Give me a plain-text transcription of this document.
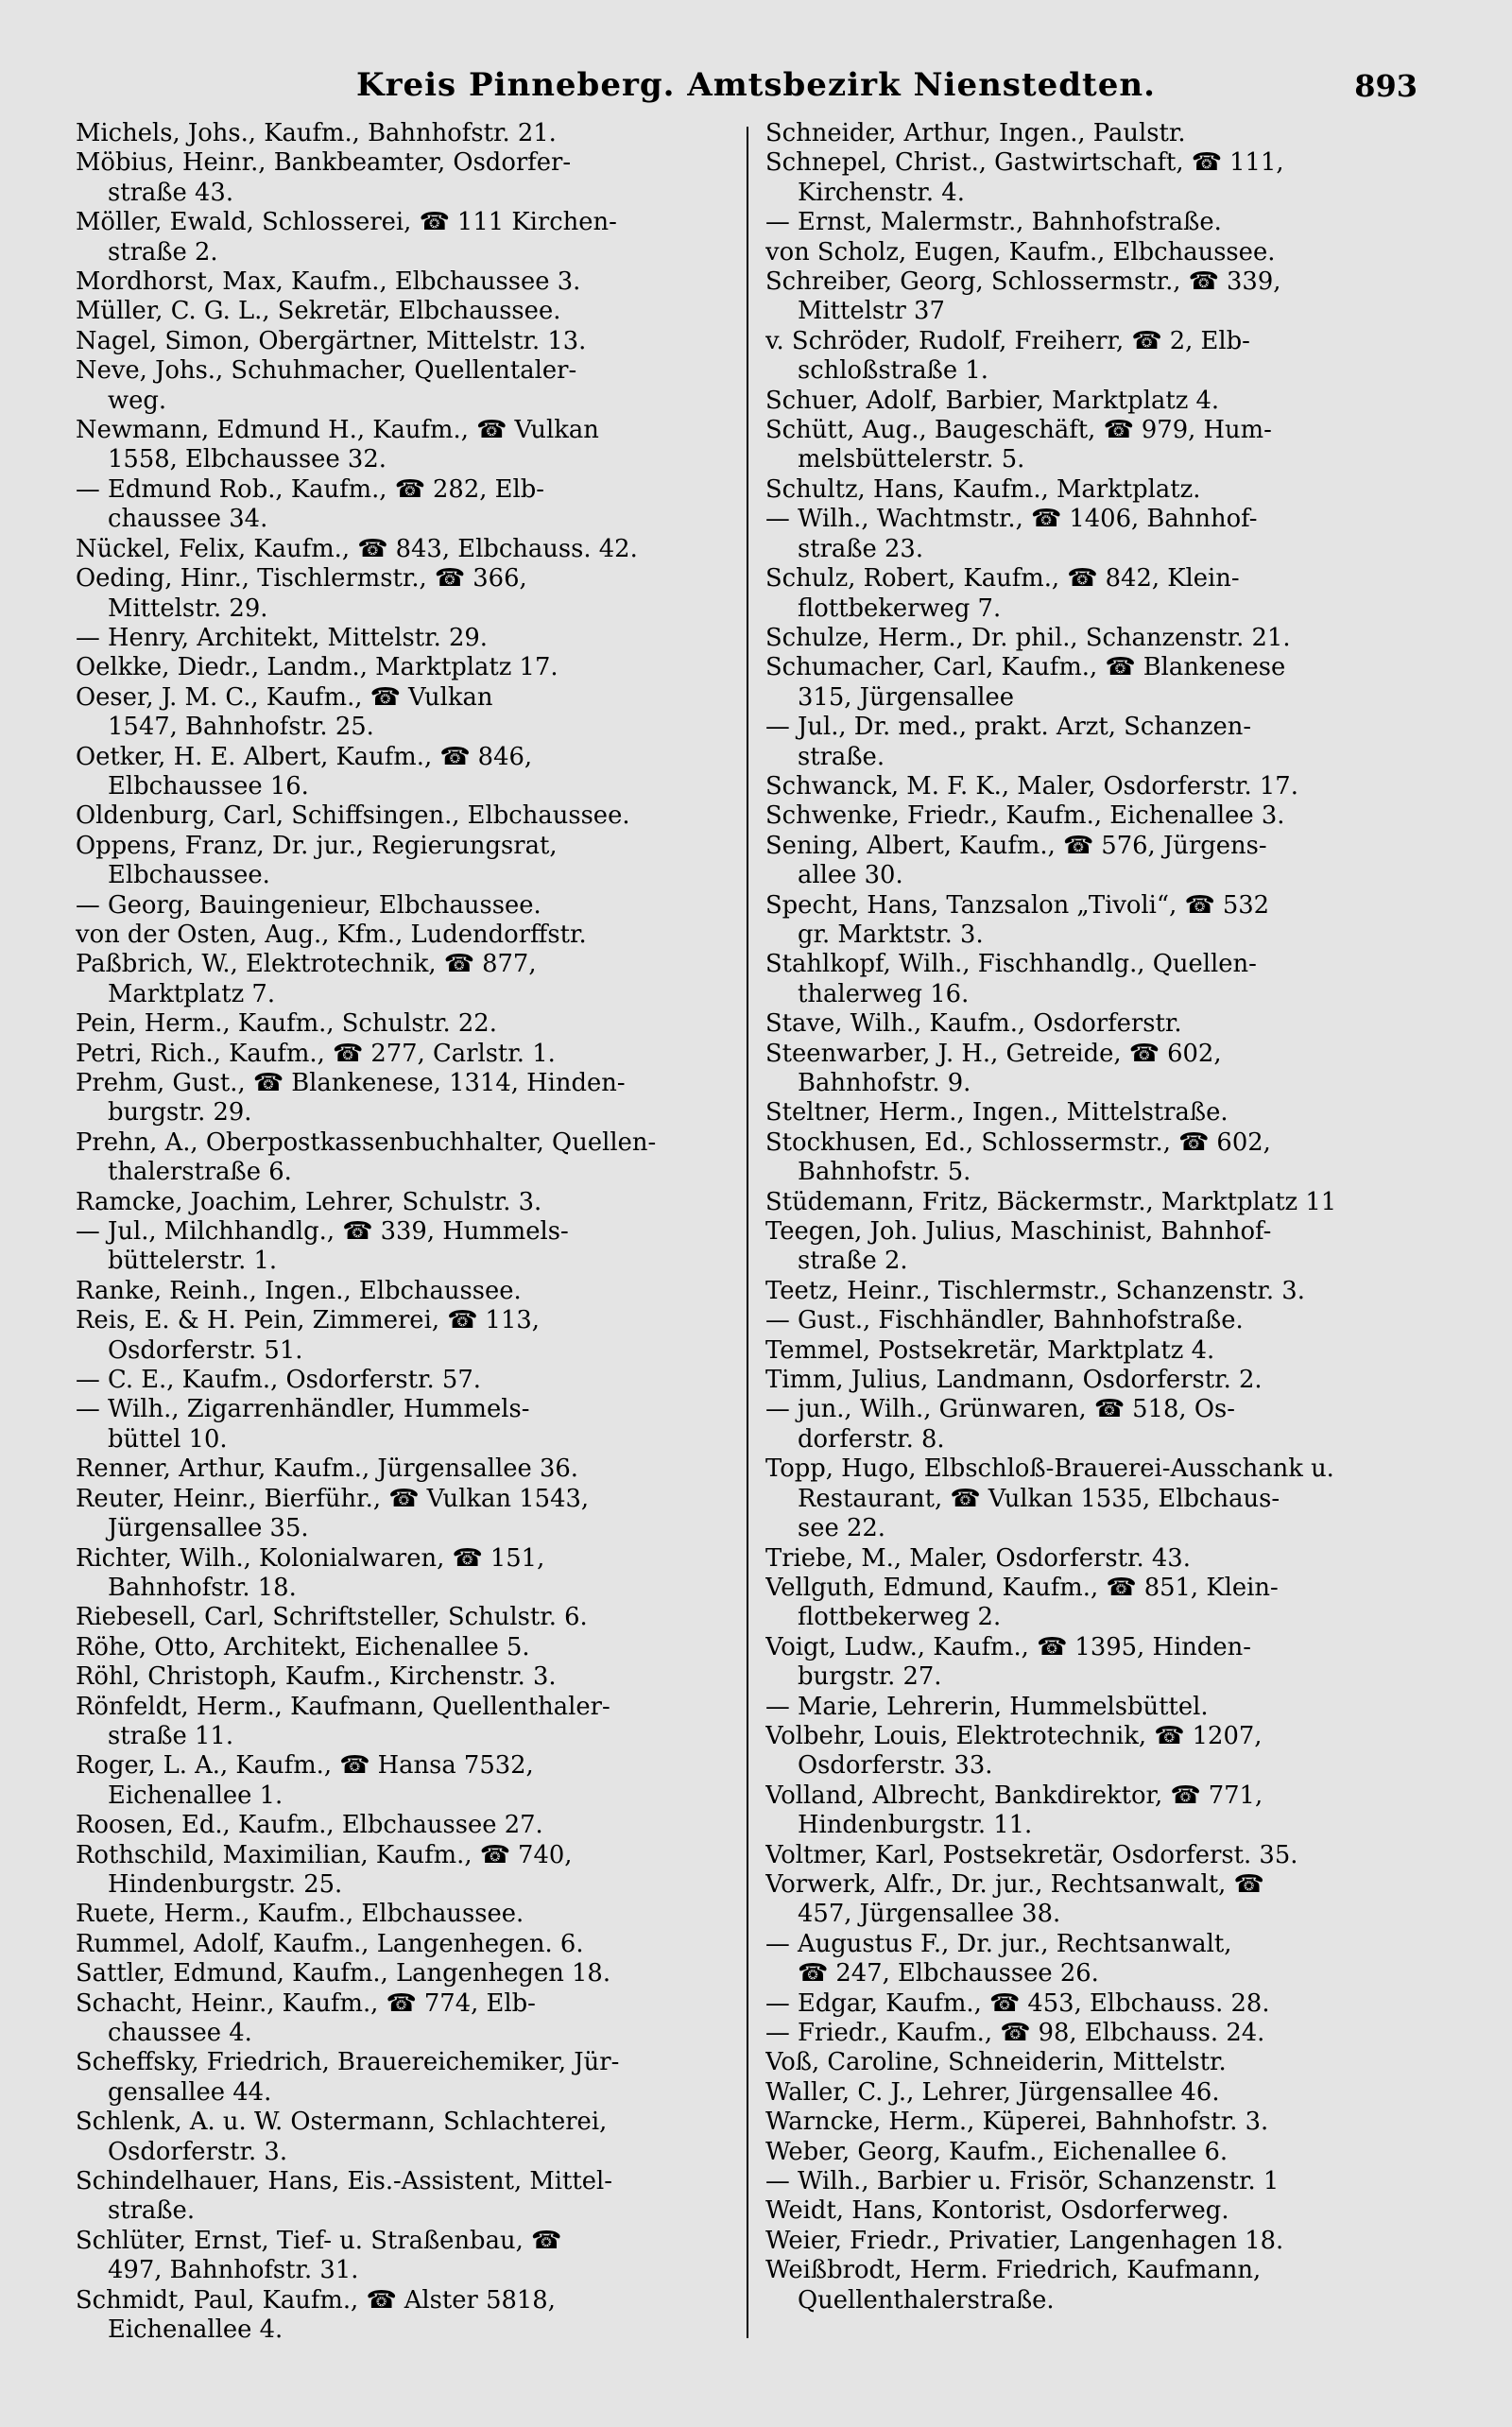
Kreis Pinneberg. Amtsbezirk Nienstedten.	893
Michels, Johs., Kaufm., Bahnhofstr. 21.
Möbius, Heinr., Bankbeamter, Osdorfer-
straße 43.
Möller, Ewald, Schlosserei, ☎ 111 Kirchen-
straße 2.
Mordhorst, Max, Kaufm., Elbchaussee 3.
Müller, C. G. L., Sekretär, Elbchaussee.
Nagel, Simon, Obergärtner, Mittelstr. 13.
Neve, Johs., Schuhmacher, Quellentaler-
weg.
Newmann, Edmund H., Kaufm., ☎ Vulkan
1558, Elbchaussee 32.
— Edmund Rob., Kaufm., ☎ 282, Elb-
chaussee 34.
Nückel, Felix, Kaufm., ☎ 843, Elbchauss. 42.
Oeding, Hinr., Tischlermstr., ☎ 366,
Mittelstr. 29.
— Henry, Architekt, Mittelstr. 29.
Oelkke, Diedr., Landm., Marktplatz 17.
Oeser, J. M. C., Kaufm., ☎ Vulkan
1547, Bahnhofstr. 25.
Oetker, H. E. Albert, Kaufm., ☎ 846,
Elbchaussee 16.
Oldenburg, Carl, Schiffsingen., Elbchaussee.
Oppens, Franz, Dr. jur., Regierungsrat,
Elbchaussee.
— Georg, Bauingenieur, Elbchaussee.
von der Osten, Aug., Kfm., Ludendorffstr.
Paßbrich, W., Elektrotechnik, ☎ 877,
Marktplatz 7.
Pein, Herm., Kaufm., Schulstr. 22.
Petri, Rich., Kaufm., ☎ 277, Carlstr. 1.
Prehm, Gust., ☎ Blankenese, 1314, Hinden-
burgstr. 29.
Prehn, A., Oberpostkassenbuchhalter, Quellen-
thalerstraße 6.
Ramcke, Joachim, Lehrer, Schulstr. 3.
— Jul., Milchhandlg., ☎ 339, Hummels-
büttelerstr. 1.
Ranke, Reinh., Ingen., Elbchaussee.
Reis, E. & H. Pein, Zimmerei, ☎ 113,
Osdorferstr. 51.
— C. E., Kaufm., Osdorferstr. 57.
— Wilh., Zigarrenhändler, Hummels-
büttel 10.
Renner, Arthur, Kaufm., Jürgensallee 36.
Reuter, Heinr., Bierführ., ☎ Vulkan 1543,
Jürgensallee 35.
Richter, Wilh., Kolonialwaren, ☎ 151,
Bahnhofstr. 18.
Riebesell, Carl, Schriftsteller, Schulstr. 6.
Röhe, Otto, Architekt, Eichenallee 5.
Röhl, Christoph, Kaufm., Kirchenstr. 3.
Rönfeldt, Herm., Kaufmann, Quellenthaler-
straße 11.
Roger, L. A., Kaufm., ☎ Hansa 7532,
Eichenallee 1.
Roosen, Ed., Kaufm., Elbchaussee 27.
Rothschild, Maximilian, Kaufm., ☎ 740,
Hindenburgstr. 25.
Ruete, Herm., Kaufm., Elbchaussee.
Rummel, Adolf, Kaufm., Langenhegen. 6.
Sattler, Edmund, Kaufm., Langenhegen 18.
Schacht, Heinr., Kaufm., ☎ 774, Elb-
chaussee 4.
Scheffsky, Friedrich, Brauereichemiker, Jür-
gensallee 44.
Schlenk, A. u. W. Ostermann, Schlachterei,
Osdorferstr. 3.
Schindelhauer, Hans, Eis.-Assistent, Mittel-
straße.
Schlüter, Ernst, Tief- u. Straßenbau, ☎
497, Bahnhofstr. 31.
Schmidt, Paul, Kaufm., ☎ Alster 5818,
Eichenallee 4.
Schneider, Arthur, Ingen., Paulstr.
Schnepel, Christ., Gastwirtschaft, ☎ 111,
Kirchenstr. 4.
— Ernst, Malermstr., Bahnhofstraße.
von Scholz, Eugen, Kaufm., Elbchaussee.
Schreiber, Georg, Schlossermstr., ☎ 339,
Mittelstr 37
v. Schröder, Rudolf, Freiherr, ☎ 2, Elb-
schloßstraße 1.
Schuer, Adolf, Barbier, Marktplatz 4.
Schütt, Aug., Baugeschäft, ☎ 979, Hum-
melsbüttelerstr. 5.
Schultz, Hans, Kaufm., Marktplatz.
— Wilh., Wachtmstr., ☎ 1406, Bahnhof-
straße 23.
Schulz, Robert, Kaufm., ☎ 842, Klein-
flottbekerweg 7.
Schulze, Herm., Dr. phil., Schanzenstr. 21.
Schumacher, Carl, Kaufm., ☎ Blankenese
315, Jürgensallee
— Jul., Dr. med., prakt. Arzt, Schanzen-
straße.
Schwanck, M. F. K., Maler, Osdorferstr. 17.
Schwenke, Friedr., Kaufm., Eichenallee 3.
Sening, Albert, Kaufm., ☎ 576, Jürgens-
allee 30.
Specht, Hans, Tanzsalon „Tivoli“, ☎ 532
gr. Marktstr. 3.
Stahlkopf, Wilh., Fischhandlg., Quellen-
thalerweg 16.
Stave, Wilh., Kaufm., Osdorferstr.
Steenwarber, J. H., Getreide, ☎ 602,
Bahnhofstr. 9.
Steltner, Herm., Ingen., Mittelstraße.
Stockhusen, Ed., Schlossermstr., ☎ 602,
Bahnhofstr. 5.
Stüdemann, Fritz, Bäckermstr., Marktplatz 11
Teegen, Joh. Julius, Maschinist, Bahnhof-
straße 2.
Teetz, Heinr., Tischlermstr., Schanzenstr. 3.
— Gust., Fischhändler, Bahnhofstraße.
Temmel, Postsekretär, Marktplatz 4.
Timm, Julius, Landmann, Osdorferstr. 2.
— jun., Wilh., Grünwaren, ☎ 518, Os-
dorferstr. 8.
Topp, Hugo, Elbschloß-Brauerei-Ausschank u.
Restaurant, ☎ Vulkan 1535, Elbchaus-
see 22.
Triebe, M., Maler, Osdorferstr. 43.
Vellguth, Edmund, Kaufm., ☎ 851, Klein-
flottbekerweg 2.
Voigt, Ludw., Kaufm., ☎ 1395, Hinden-
burgstr. 27.
— Marie, Lehrerin, Hummelsbüttel.
Volbehr, Louis, Elektrotechnik, ☎ 1207,
Osdorferstr. 33.
Volland, Albrecht, Bankdirektor, ☎ 771,
Hindenburgstr. 11.
Voltmer, Karl, Postsekretär, Osdorferst. 35.
Vorwerk, Alfr., Dr. jur., Rechtsanwalt, ☎
457, Jürgensallee 38.
— Augustus F., Dr. jur., Rechtsanwalt,
☎ 247, Elbchaussee 26.
— Edgar, Kaufm., ☎ 453, Elbchauss. 28.
— Friedr., Kaufm., ☎ 98, Elbchauss. 24.
Voß, Caroline, Schneiderin, Mittelstr.
Waller, C. J., Lehrer, Jürgensallee 46.
Warncke, Herm., Küperei, Bahnhofstr. 3.
Weber, Georg, Kaufm., Eichenallee 6.
— Wilh., Barbier u. Frisör, Schanzenstr. 1
Weidt, Hans, Kontorist, Osdorferweg.
Weier, Friedr., Privatier, Langenhagen 18.
Weißbrodt, Herm. Friedrich, Kaufmann,
Quellenthalerstraße.
